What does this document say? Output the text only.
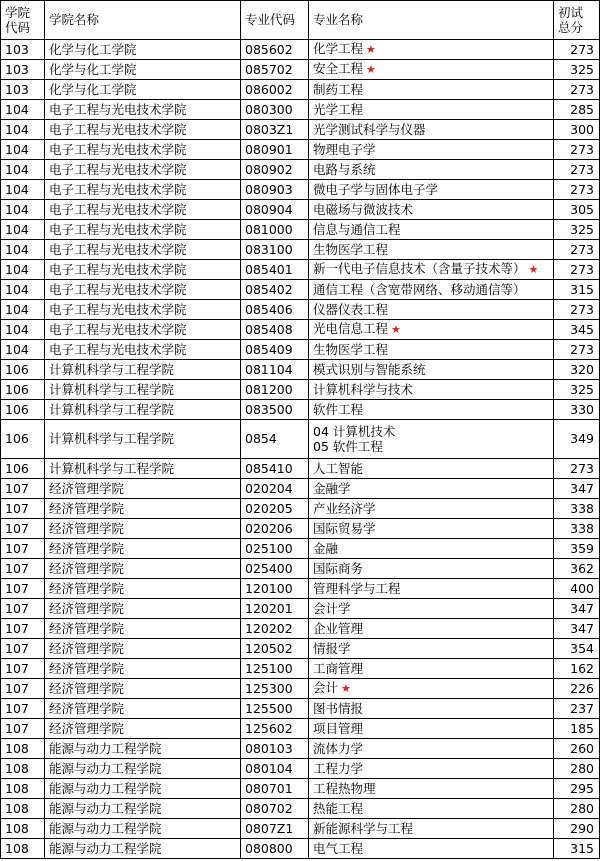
学院
代码	学院名称	专业代码	专业名称	初试
总分

103	化学与化工学院	085602	化学工程 ★	273
103	化学与化工学院	085702	安全工程 ★	325
103	化学与化工学院	086002	制药工程	273
104	电子工程与光电技术学院	080300	光学工程	285
104	电子工程与光电技术学院	0803Z1	光学测试科学与仪器	300
104	电子工程与光电技术学院	080901	物理电子学	273
104	电子工程与光电技术学院	080902	电路与系统	273
104	电子工程与光电技术学院	080903	微电子学与固体电子学	273
104	电子工程与光电技术学院	080904	电磁场与微波技术	305
104	电子工程与光电技术学院	081000	信息与通信工程	325
104	电子工程与光电技术学院	083100	生物医学工程	273
104	电子工程与光电技术学院	085401	新一代电子信息技术（含量子技术等） ★	273
104	电子工程与光电技术学院	085402	通信工程（含宽带网络、移动通信等）	315
104	电子工程与光电技术学院	085406	仪器仪表工程	273
104	电子工程与光电技术学院	085408	光电信息工程 ★	345
104	电子工程与光电技术学院	085409	生物医学工程	273
106	计算机科学与工程学院	081104	模式识别与智能系统	320
106	计算机科学与工程学院	081200	计算机科学与技术	325
106	计算机科学与工程学院	083500	软件工程	330
106	计算机科学与工程学院	0854	04 计算机技术
05 软件工程	349
106	计算机科学与工程学院	085410	人工智能	273
107	经济管理学院	020204	金融学	347
107	经济管理学院	020205	产业经济学	338
107	经济管理学院	020206	国际贸易学	338
107	经济管理学院	025100	金融	359
107	经济管理学院	025400	国际商务	362
107	经济管理学院	120100	管理科学与工程	400
107	经济管理学院	120201	会计学	347
107	经济管理学院	120202	企业管理	347
107	经济管理学院	120502	情报学	354
107	经济管理学院	125100	工商管理	162
107	经济管理学院	125300	会计 ★	226
107	经济管理学院	125500	图书情报	237
107	经济管理学院	125602	项目管理	185
108	能源与动力工程学院	080103	流体力学	260
108	能源与动力工程学院	080104	工程力学	280
108	能源与动力工程学院	080701	工程热物理	295
108	能源与动力工程学院	080702	热能工程	280
108	能源与动力工程学院	0807Z1	新能源科学与工程	290
108	能源与动力工程学院	080800	电气工程	315
